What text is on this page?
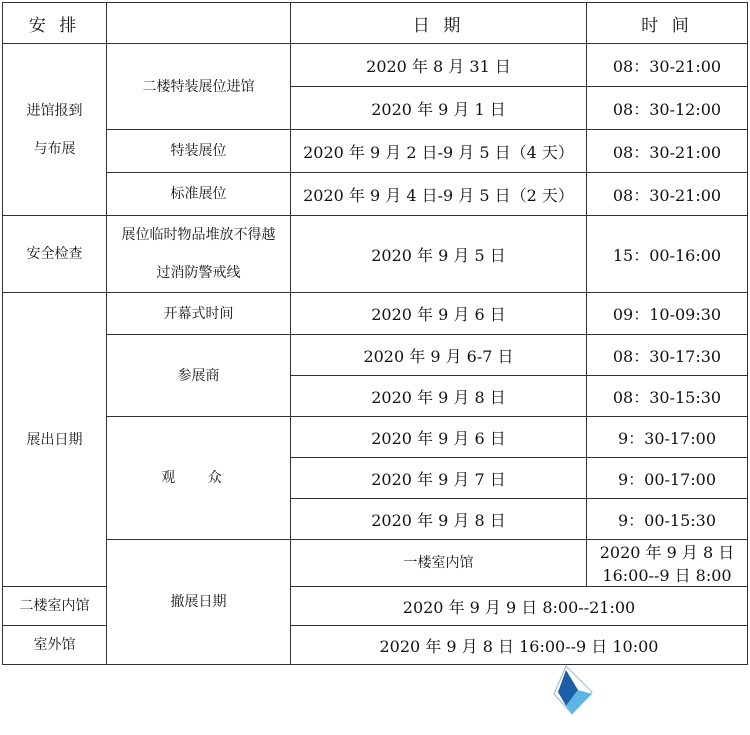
安 排		日 期	时 间

进馆报到
与布展	二楼特装展位进馆	2020 年 8 月 31 日	08：30-21:00
		2020 年 9 月 1 日	08：30-12:00
	特装展位	2020 年 9 月 2 日-9 月 5 日（4 天）	08：30-21:00
	标准展位	2020 年 9 月 4 日-9 月 5 日（2 天）	08：30-21:00
安全检查	展位临时物品堆放不得越
过消防警戒线	2020 年 9 月 5 日	15：00-16:00
展出日期	开幕式时间	2020 年 9 月 6 日	09：10-09:30
	参展商	2020 年 9 月 6-7 日	08：30-17:30
		2020 年 9 月 8 日	08：30-15:30
	观 众	2020 年 9 月 6 日	9：30-17:00
		2020 年 9 月 7 日	9：00-17:00
		2020 年 9 月 8 日	9：00-15:30
	撤展日期	一楼室内馆	2020 年 9 月 8 日 16:00--9 日 8:00
二楼室内馆		2020 年 9 月 9 日 8:00--21:00	
室外馆		2020 年 9 月 8 日 16:00--9 日 10:00	
